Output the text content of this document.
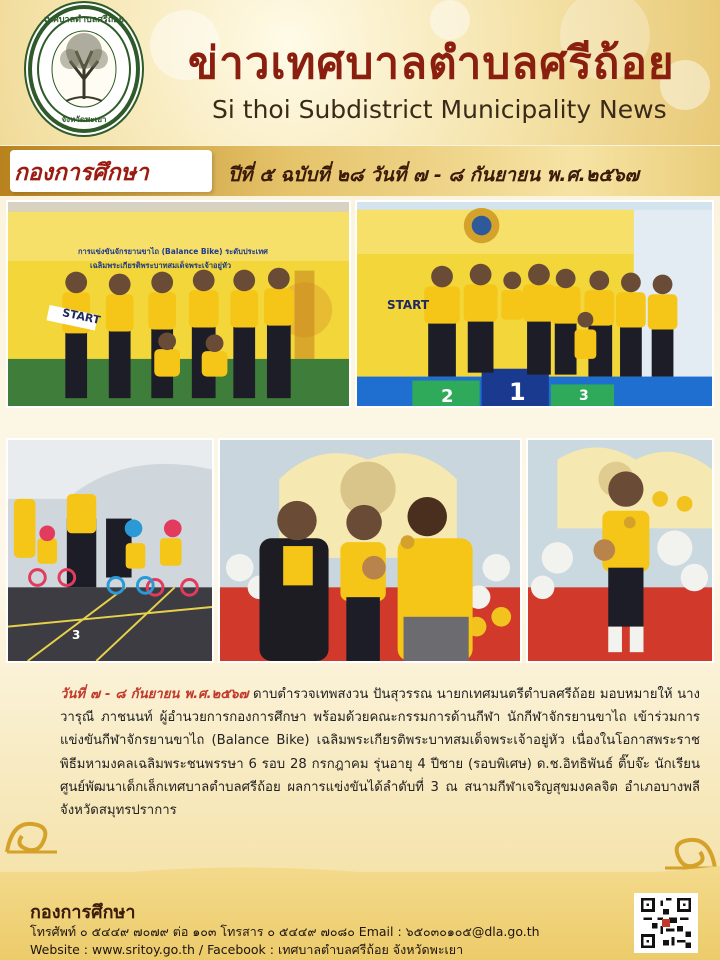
เทศบาลตำบลศรีถ้อย
จังหวัดพะเยา
ข่าวเทศบาลตำบลศรีถ้อย
Si thoi Subdistrict Municipality News
กองการศึกษา	ปีที่ ๕ ฉบับที่ ๒๘ วันที่ ๗ - ๘ กันยายน พ.ศ.๒๕๖๗
การแข่งขันจักรยานขาไถ (Balance Bike) ระดับประเทศ
เฉลิมพระเกียรติพระบาทสมเด็จพระเจ้าอยู่หัว
START
1
2	3
START
3
วันที่ ๗ - ๘ กันยายน พ.ศ.๒๕๖๗ ดาบตำรวจเทพสงวน ปันสุวรรณ นายกเทศมนตรีตำบลศรีถ้อย มอบหมายให้ นางวารุณี ภาชนนท์ ผู้อำนวยการกองการศึกษา พร้อมด้วยคณะกรรมการด้านกีฬา นักกีฬาจักรยานขาไถ เข้าร่วมการแข่งขันกีฬาจักรยานขาไถ (Balance Bike) เฉลิมพระเกียรติพระบาทสมเด็จพระเจ้าอยู่หัว เนื่องในโอกาสพระราชพิธีมหามงคลเฉลิมพระชนพรรษา 6 รอบ 28 กรกฎาคม รุ่นอายุ 4 ปีชาย (รอบพิเศษ) ด.ช.อิทธิพันธ์ ติ๊บจ๊ะ นักเรียนศูนย์พัฒนาเด็กเล็กเทศบาลตำบลศรีถ้อย ผลการแข่งขันได้ลำดับที่ 3 ณ สนามกีฬาเจริญสุขมงคลจิต อำเภอบางพลี จังหวัดสมุทรปราการ
กองการศึกษา
โทรศัพท์ ๐ ๕๔๔๙ ๗๐๗๙ ต่อ ๑๐๓ โทรสาร ๐ ๕๔๔๙ ๗๐๘๐ Email : ๖๕๐๓๐๑๐๕@dla.go.th
Website : www.sritoy.go.th / Facebook : เทศบาลตำบลศรีถ้อย จังหวัดพะเยา
